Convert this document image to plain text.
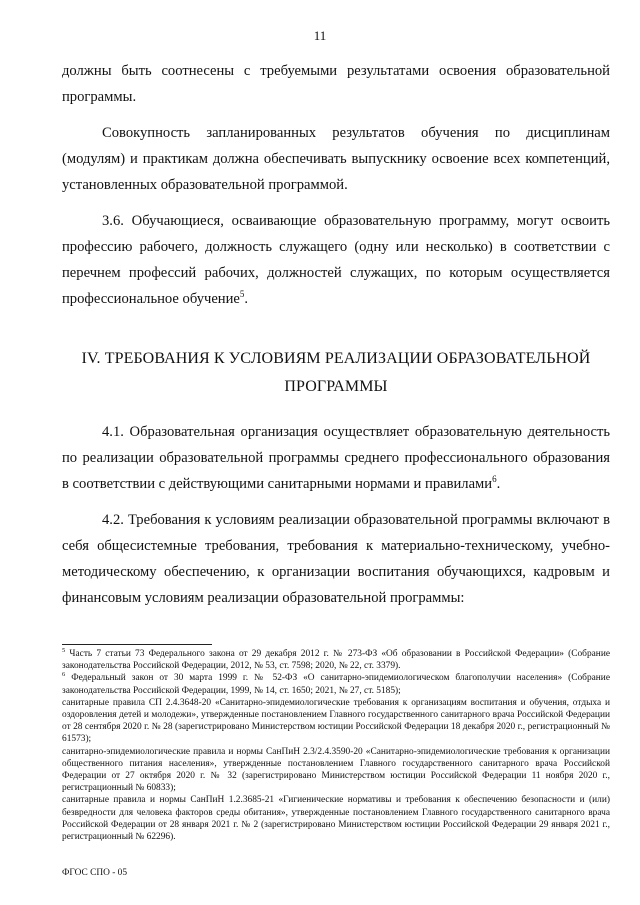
11

должны быть соотнесены с требуемыми результатами освоения образовательной программы.

Совокупность запланированных результатов обучения по дисциплинам (модулям) и практикам должна обеспечивать выпускнику освоение всех компетенций, установленных образовательной программой.

3.6. Обучающиеся, осваивающие образовательную программу, могут освоить профессию рабочего, должность служащего (одну или несколько) в соответствии с перечнем профессий рабочих, должностей служащих, по которым осуществляется профессиональное обучение$^5$.

IV. ТРЕБОВАНИЯ К УСЛОВИЯМ РЕАЛИЗАЦИИ ОБРАЗОВАТЕЛЬНОЙ ПРОГРАММЫ

4.1. Образовательная организация осуществляет образовательную деятельность по реализации образовательной программы среднего профессионального образования в соответствии с действующими санитарными нормами и правилами$^6$.

4.2. Требования к условиям реализации образовательной программы включают в себя общесистемные требования, требования к материально-техническому, учебно-методическому обеспечению, к организации воспитания обучающихся, кадровым и финансовым условиям реализации образовательной программы:

$^5$ Часть 7 статьи 73 Федерального закона от 29 декабря 2012 г. № 273-ФЗ «Об образовании в Российской Федерации» (Собрание законодательства Российской Федерации, 2012, № 53, ст. 7598; 2020, № 22, ст. 3379).

$^6$ Федеральный закон от 30 марта 1999 г. № 52-ФЗ «О санитарно-эпидемиологическом благополучии населения» (Собрание законодательства Российской Федерации, 1999, № 14, ст. 1650; 2021, № 27, ст. 5185);

санитарные правила СП 2.4.3648-20 «Санитарно-эпидемиологические требования к организациям воспитания и обучения, отдыха и оздоровления детей и молодежи», утвержденные постановлением Главного государственного санитарного врача Российской Федерации от 28 сентября 2020 г. № 28 (зарегистрировано Министерством юстиции Российской Федерации 18 декабря 2020 г., регистрационный № 61573);

санитарно-эпидемиологические правила и нормы СанПиН 2.3/2.4.3590-20 «Санитарно-эпидемиологические требования к организации общественного питания населения», утвержденные постановлением Главного государственного санитарного врача Российской Федерации от 27 октября 2020 г. № 32 (зарегистрировано Министерством юстиции Российской Федерации 11 ноября 2020 г., регистрационный № 60833);

санитарные правила и нормы СанПиН 1.2.3685-21 «Гигиенические нормативы и требования к обеспечению безопасности и (или) безвредности для человека факторов среды обитания», утвержденные постановлением Главного государственного санитарного врача Российской Федерации от 28 января 2021 г. № 2 (зарегистрировано Министерством юстиции Российской Федерации 29 января 2021 г., регистрационный № 62296).

ФГОС СПО - 05
